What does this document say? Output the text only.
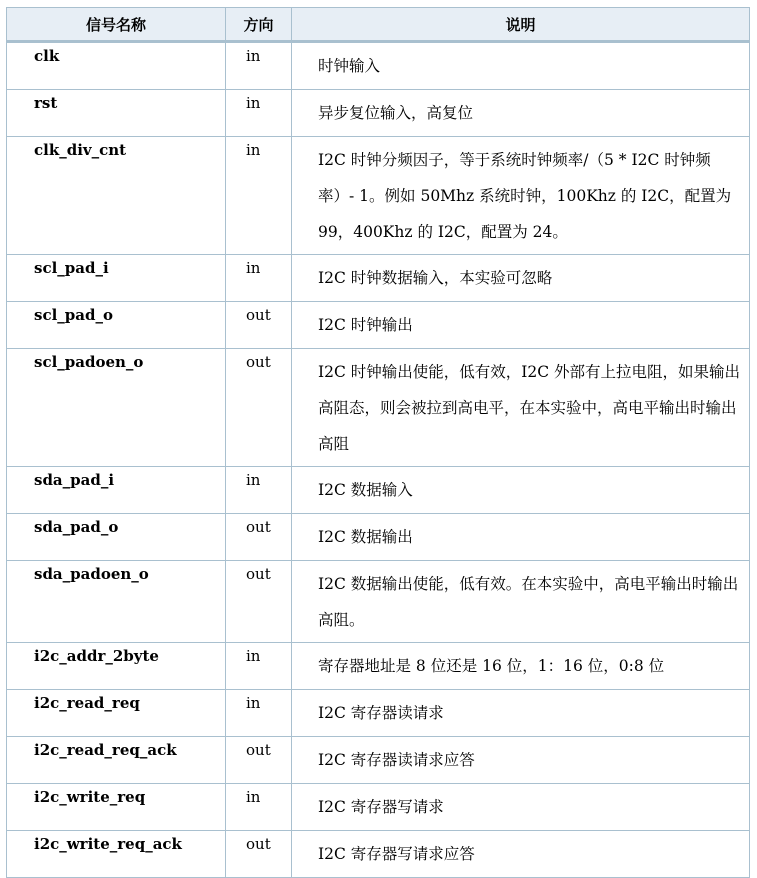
信号名称	方向	说明
clk	in	时钟输入
rst	in	异步复位输入，高复位
clk_div_cnt	in	I2C 时钟分频因子，等于系统时钟频率/（5 * I2C 时钟频率）- 1。例如 50Mhz 系统时钟，100Khz 的 I2C，配置为 99，400Khz 的 I2C，配置为 24。
scl_pad_i	in	I2C 时钟数据输入，本实验可忽略
scl_pad_o	out	I2C 时钟输出
scl_padoen_o	out	I2C 时钟输出使能，低有效，I2C 外部有上拉电阻，如果输出高阻态，则会被拉到高电平，在本实验中，高电平输出时输出高阻
sda_pad_i	in	I2C 数据输入
sda_pad_o	out	I2C 数据输出
sda_padoen_o	out	I2C 数据输出使能，低有效。在本实验中，高电平输出时输出高阻。
i2c_addr_2byte	in	寄存器地址是 8 位还是 16 位，1：16 位，0:8 位
i2c_read_req	in	I2C 寄存器读请求
i2c_read_req_ack	out	I2C 寄存器读请求应答
i2c_write_req	in	I2C 寄存器写请求
i2c_write_req_ack	out	I2C 寄存器写请求应答
